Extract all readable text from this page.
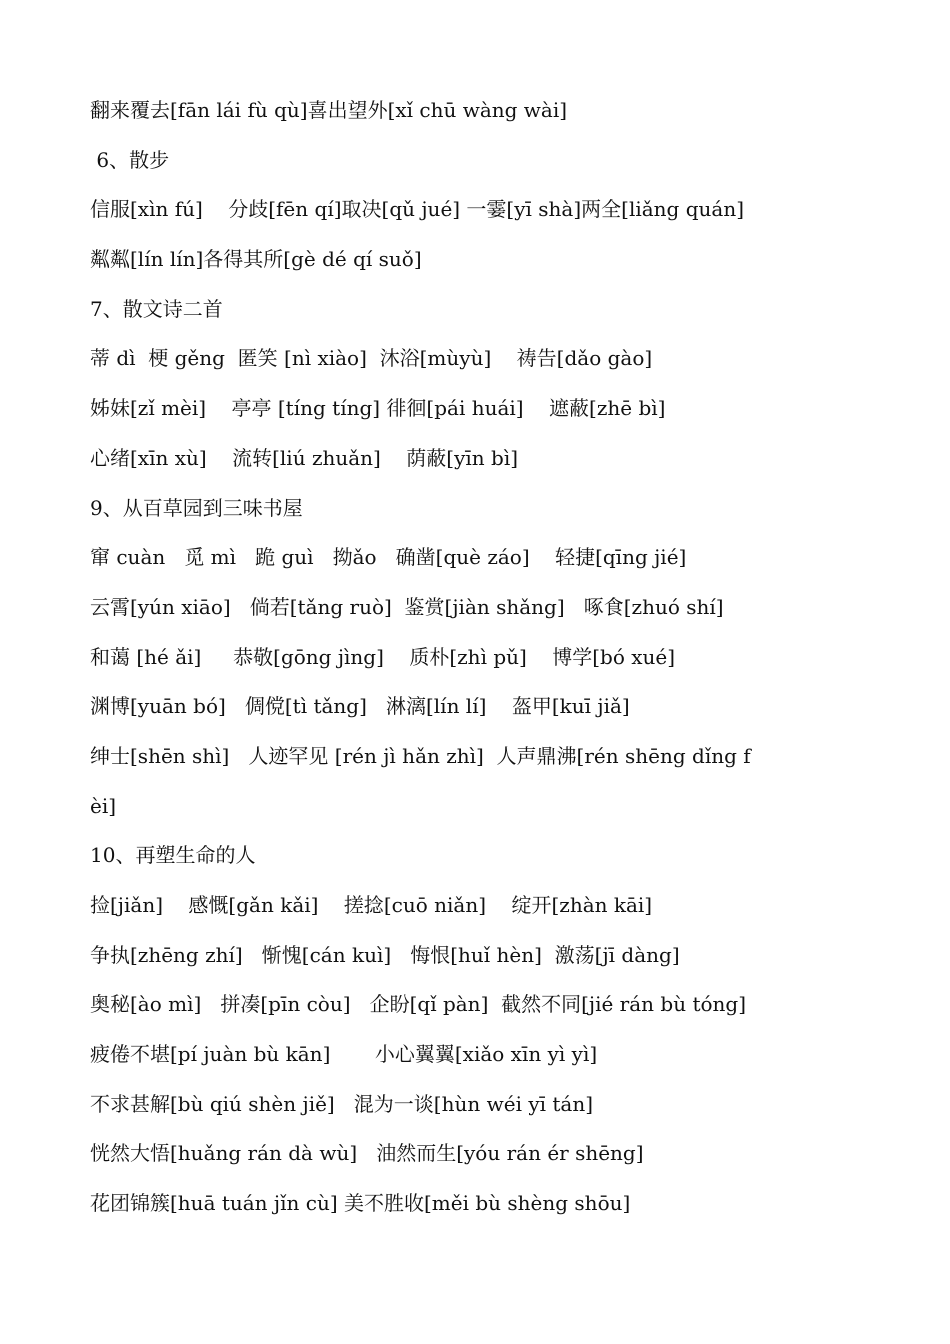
翻来覆去[fān lái fù qù]喜出望外[xǐ chū wàng wài]
6、散步
信服[xìn fú]    分歧[fēn qí]取决[qǔ jué] 一霎[yī shà]两全[liǎng quán]
粼粼[lín lín]各得其所[gè dé qí suǒ]
7、散文诗二首
蒂 dì  梗 gěng  匿笑 [nì xiào]  沐浴[mùyù]    祷告[dǎo gào]
姊妹[zǐ mèi]    亭亭 [tíng tíng] 徘徊[pái huái]    遮蔽[zhē bì]
心绪[xīn xù]    流转[liú zhuǎn]    荫蔽[yīn bì]
9、从百草园到三味书屋
窜 cuàn   觅 mì   跪 guì   拗ǎo   确凿[què záo]    轻捷[qīng jié]
云霄[yún xiāo]   倘若[tǎng ruò]  鉴赏[jiàn shǎng]   啄食[zhuó shí]
和蔼 [hé ǎi]     恭敬[gōng jìng]    质朴[zhì pǔ]    博学[bó xué]
渊博[yuān bó]   倜傥[tì tǎng]   淋漓[lín lí]    盔甲[kuī jiǎ]
绅士[shēn shì]   人迹罕见 [rén jì hǎn zhì]  人声鼎沸[rén shēng dǐng f
èi]
10、再塑生命的人
捡[jiǎn]    感慨[gǎn kǎi]    搓捻[cuō niǎn]    绽开[zhàn kāi]
争执[zhēng zhí]   惭愧[cán kuì]   悔恨[huǐ hèn]  激荡[jī dàng]
奥秘[ào mì]   拼凑[pīn còu]   企盼[qǐ pàn]  截然不同[jié rán bù tóng]
疲倦不堪[pí juàn bù kān]       小心翼翼[xiǎo xīn yì yì]
不求甚解[bù qiú shèn jiě]   混为一谈[hùn wéi yī tán]
恍然大悟[huǎng rán dà wù]   油然而生[yóu rán ér shēng]
花团锦簇[huā tuán jǐn cù] 美不胜收[měi bù shèng shōu]
